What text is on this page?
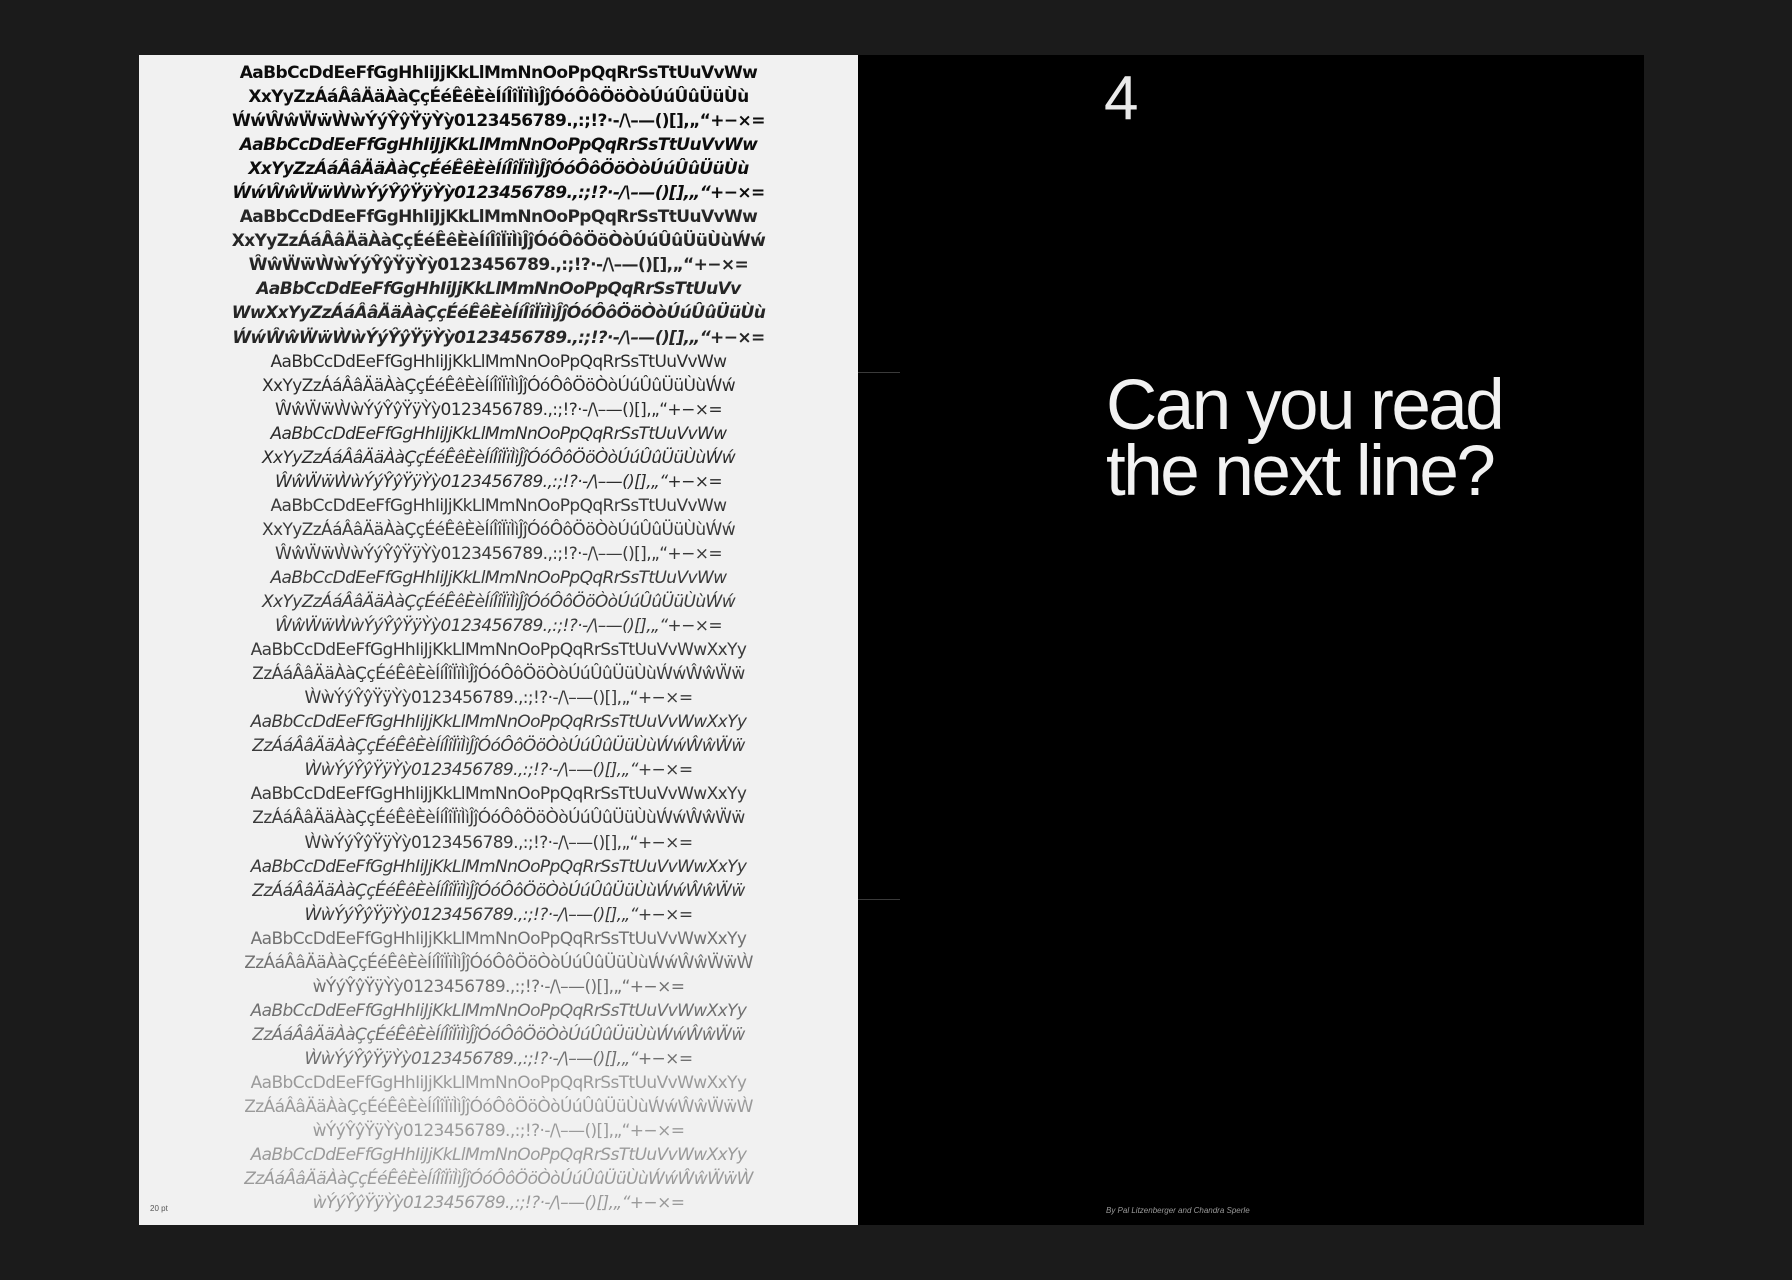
AaBbCcDdEeFfGgHhIiJjKkLlMmNnOoPpQqRrSsTtUuVvWw
XxYyZzÁáÂâÄäÀàÇçÉéÊêÈèÍíÎîÏïÌìĴĵÓóÔôÖöÒòÚúÛûÜüÙù
ẂẃŴŵẄẅẀẁÝýŶŷŸÿỲỳ0123456789.,:;!?·-/\–—()[],„“+−×=
AaBbCcDdEeFfGgHhIiJjKkLlMmNnOoPpQqRrSsTtUuVvWw
XxYyZzÁáÂâÄäÀàÇçÉéÊêÈèÍíÎîÏïÌìĴĵÓóÔôÖöÒòÚúÛûÜüÙù
ẂẃŴŵẄẅẀẁÝýŶŷŸÿỲỳ0123456789.,:;!?·-/\–—()[],„“+−×=
AaBbCcDdEeFfGgHhIiJjKkLlMmNnOoPpQqRrSsTtUuVvWw
XxYyZzÁáÂâÄäÀàÇçÉéÊêÈèÍíÎîÏïÌìĴĵÓóÔôÖöÒòÚúÛûÜüÙùẂẃ
ŴŵẄẅẀẁÝýŶŷŸÿỲỳ0123456789.,:;!?·-/\–—()[],„“+−×=
AaBbCcDdEeFfGgHhIiJjKkLlMmNnOoPpQqRrSsTtUuVv
WwXxYyZzÁáÂâÄäÀàÇçÉéÊêÈèÍíÎîÏïÌìĴĵÓóÔôÖöÒòÚúÛûÜüÙù
ẂẃŴŵẄẅẀẁÝýŶŷŸÿỲỳ0123456789.,:;!?·-/\–—()[],„“+−×=
AaBbCcDdEeFfGgHhIiJjKkLlMmNnOoPpQqRrSsTtUuVvWw
XxYyZzÁáÂâÄäÀàÇçÉéÊêÈèÍíÎîÏïÌìĴĵÓóÔôÖöÒòÚúÛûÜüÙùẂẃ
ŴŵẄẅẀẁÝýŶŷŸÿỲỳ0123456789.,:;!?·-/\–—()[],„“+−×=
AaBbCcDdEeFfGgHhIiJjKkLlMmNnOoPpQqRrSsTtUuVvWw
XxYyZzÁáÂâÄäÀàÇçÉéÊêÈèÍíÎîÏïÌìĴĵÓóÔôÖöÒòÚúÛûÜüÙùẂẃ
ŴŵẄẅẀẁÝýŶŷŸÿỲỳ0123456789.,:;!?·-/\–—()[],„“+−×=
AaBbCcDdEeFfGgHhIiJjKkLlMmNnOoPpQqRrSsTtUuVvWw
XxYyZzÁáÂâÄäÀàÇçÉéÊêÈèÍíÎîÏïÌìĴĵÓóÔôÖöÒòÚúÛûÜüÙùẂẃ
ŴŵẄẅẀẁÝýŶŷŸÿỲỳ0123456789.,:;!?·-/\–—()[],„“+−×=
AaBbCcDdEeFfGgHhIiJjKkLlMmNnOoPpQqRrSsTtUuVvWw
XxYyZzÁáÂâÄäÀàÇçÉéÊêÈèÍíÎîÏïÌìĴĵÓóÔôÖöÒòÚúÛûÜüÙùẂẃ
ŴŵẄẅẀẁÝýŶŷŸÿỲỳ0123456789.,:;!?·-/\–—()[],„“+−×=
AaBbCcDdEeFfGgHhIiJjKkLlMmNnOoPpQqRrSsTtUuVvWwXxYy
ZzÁáÂâÄäÀàÇçÉéÊêÈèÍíÎîÏïÌìĴĵÓóÔôÖöÒòÚúÛûÜüÙùẂẃŴŵẄẅ
ẀẁÝýŶŷŸÿỲỳ0123456789.,:;!?·-/\–—()[],„“+−×=
AaBbCcDdEeFfGgHhIiJjKkLlMmNnOoPpQqRrSsTtUuVvWwXxYy
ZzÁáÂâÄäÀàÇçÉéÊêÈèÍíÎîÏïÌìĴĵÓóÔôÖöÒòÚúÛûÜüÙùẂẃŴŵẄẅ
ẀẁÝýŶŷŸÿỲỳ0123456789.,:;!?·-/\–—()[],„“+−×=
AaBbCcDdEeFfGgHhIiJjKkLlMmNnOoPpQqRrSsTtUuVvWwXxYy
ZzÁáÂâÄäÀàÇçÉéÊêÈèÍíÎîÏïÌìĴĵÓóÔôÖöÒòÚúÛûÜüÙùẂẃŴŵẄẅ
ẀẁÝýŶŷŸÿỲỳ0123456789.,:;!?·-/\–—()[],„“+−×=
AaBbCcDdEeFfGgHhIiJjKkLlMmNnOoPpQqRrSsTtUuVvWwXxYy
ZzÁáÂâÄäÀàÇçÉéÊêÈèÍíÎîÏïÌìĴĵÓóÔôÖöÒòÚúÛûÜüÙùẂẃŴŵẄẅ
ẀẁÝýŶŷŸÿỲỳ0123456789.,:;!?·-/\–—()[],„“+−×=
AaBbCcDdEeFfGgHhIiJjKkLlMmNnOoPpQqRrSsTtUuVvWwXxYy
ZzÁáÂâÄäÀàÇçÉéÊêÈèÍíÎîÏïÌìĴĵÓóÔôÖöÒòÚúÛûÜüÙùẂẃŴŵẄẅẀ
ẁÝýŶŷŸÿỲỳ0123456789.,:;!?·-/\–—()[],„“+−×=
AaBbCcDdEeFfGgHhIiJjKkLlMmNnOoPpQqRrSsTtUuVvWwXxYy
ZzÁáÂâÄäÀàÇçÉéÊêÈèÍíÎîÏïÌìĴĵÓóÔôÖöÒòÚúÛûÜüÙùẂẃŴŵẄẅ
ẀẁÝýŶŷŸÿỲỳ0123456789.,:;!?·-/\–—()[],„“+−×=
AaBbCcDdEeFfGgHhIiJjKkLlMmNnOoPpQqRrSsTtUuVvWwXxYy
ZzÁáÂâÄäÀàÇçÉéÊêÈèÍíÎîÏïÌìĴĵÓóÔôÖöÒòÚúÛûÜüÙùẂẃŴŵẄẅẀ
ẁÝýŶŷŸÿỲỳ0123456789.,:;!?·-/\–—()[],„“+−×=
AaBbCcDdEeFfGgHhIiJjKkLlMmNnOoPpQqRrSsTtUuVvWwXxYy
ZzÁáÂâÄäÀàÇçÉéÊêÈèÍíÎîÏïÌìĴĵÓóÔôÖöÒòÚúÛûÜüÙùẂẃŴŵẄẅẀ
ẁÝýŶŷŸÿỲỳ0123456789.,:;!?·-/\–—()[],„“+−×=
20 pt
4
Can you read
the next line?
By Pal Litzenberger and Chandra Sperle
